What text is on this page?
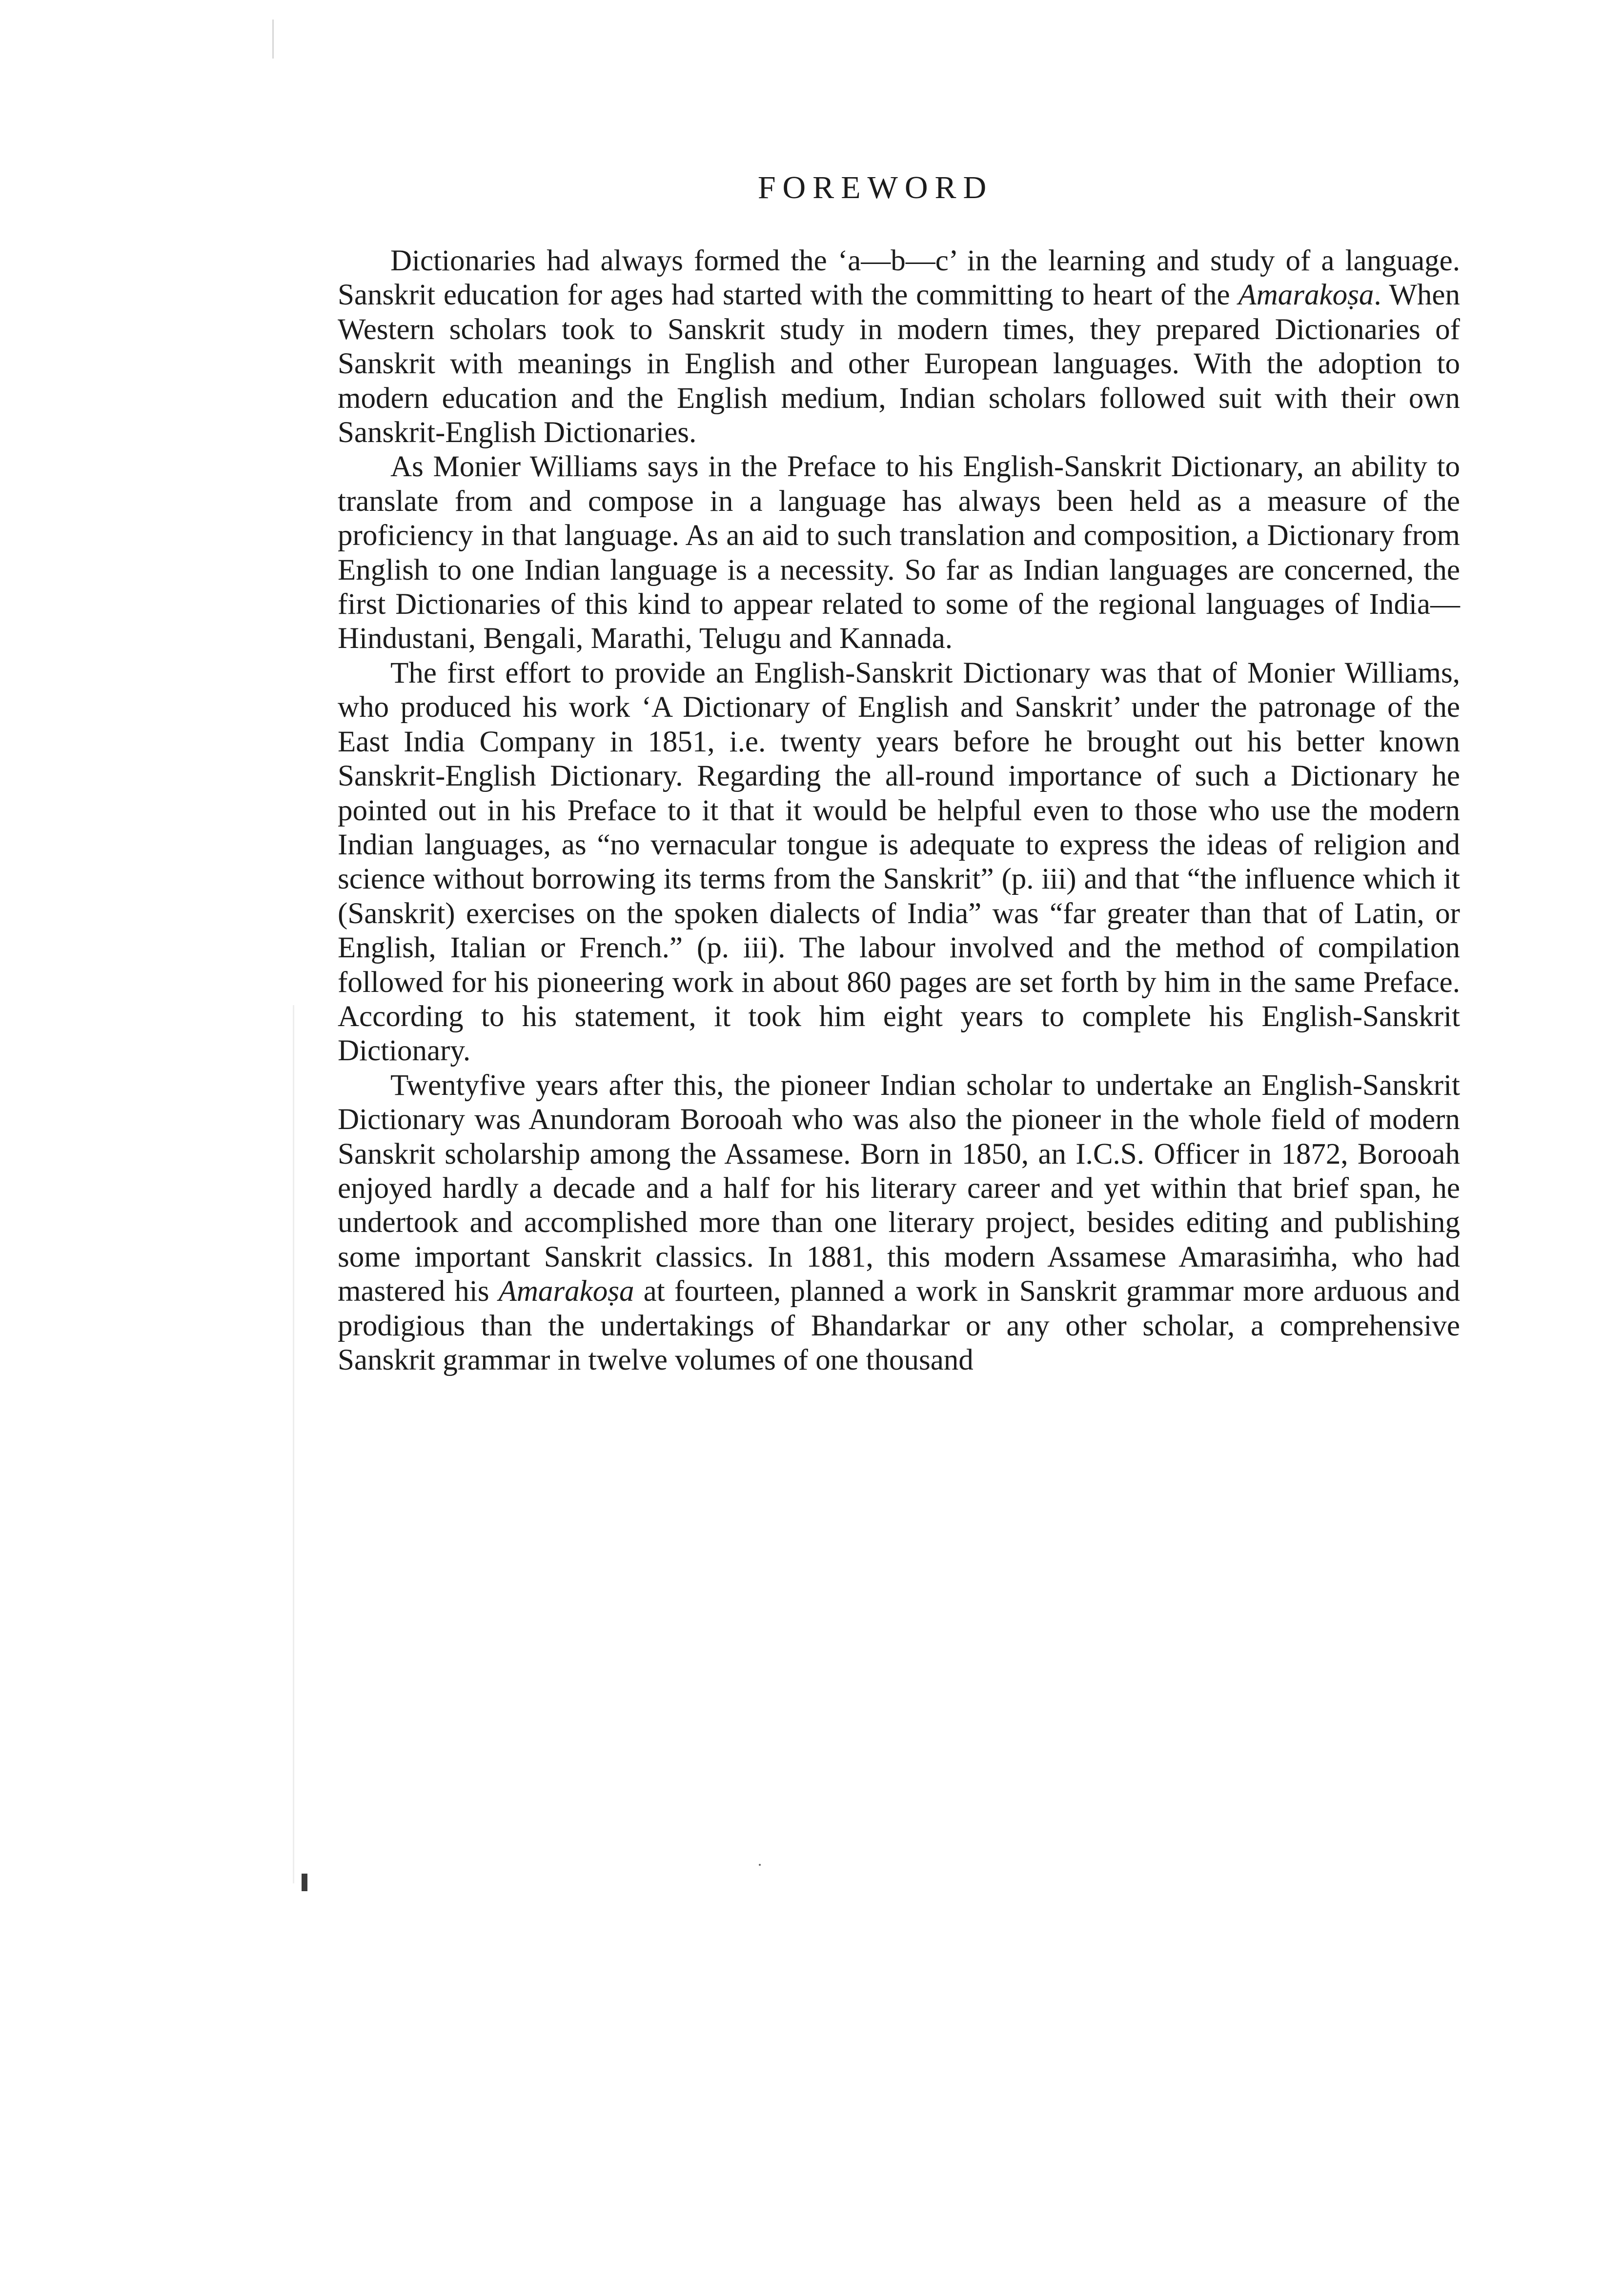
FOREWORD

Dictionaries had always formed the ‘a—b—c’ in the learning and study of a language. Sanskrit education for ages had started with the committing to heart of the Amarakoṣa. When Western scholars took to Sanskrit study in modern times, they prepared Dictionaries of Sanskrit with meanings in English and other European languages. With the adoption to modern education and the English medium, Indian scholars followed suit with their own Sanskrit-English Dictionaries.

As Monier Williams says in the Preface to his English-Sanskrit Dictionary, an ability to translate from and compose in a language has always been held as a measure of the proficiency in that language. As an aid to such translation and composition, a Dictionary from English to one Indian language is a necessity. So far as Indian languages are concerned, the first Dictionaries of this kind to appear related to some of the regional languages of India—Hindustani, Bengali, Marathi, Telugu and Kannada.

The first effort to provide an English-Sanskrit Dictionary was that of Monier Williams, who produced his work ‘A Dictionary of English and Sanskrit’ under the patronage of the East India Company in 1851, i.e. twenty years before he brought out his better known Sanskrit-English Dictionary. Regarding the all-round importance of such a Dictionary he pointed out in his Preface to it that it would be helpful even to those who use the modern Indian languages, as “no vernacular tongue is adequate to express the ideas of religion and science without borrowing its terms from the Sanskrit” (p. iii) and that “the influence which it (Sanskrit) exercises on the spoken dialects of India” was “far greater than that of Latin, or English, Italian or French.” (p. iii). The labour involved and the method of compilation followed for his pioneering work in about 860 pages are set forth by him in the same Preface. According to his statement, it took him eight years to complete his English-Sanskrit Dictionary.

Twentyfive years after this, the pioneer Indian scholar to undertake an English-Sanskrit Dictionary was Anundoram Borooah who was also the pioneer in the whole field of modern Sanskrit scholarship among the Assamese. Born in 1850, an I.C.S. Officer in 1872, Borooah enjoyed hardly a decade and a half for his literary career and yet within that brief span, he undertook and accomplished more than one literary project, besides editing and publishing some important Sanskrit classics. In 1881, this modern Assamese Amarasiṁha, who had mastered his Amarakoṣa at fourteen, planned a work in Sanskrit grammar more arduous and prodigious than the undertakings of Bhandarkar or any other scholar, a comprehensive Sanskrit grammar in twelve volumes of one thousand
